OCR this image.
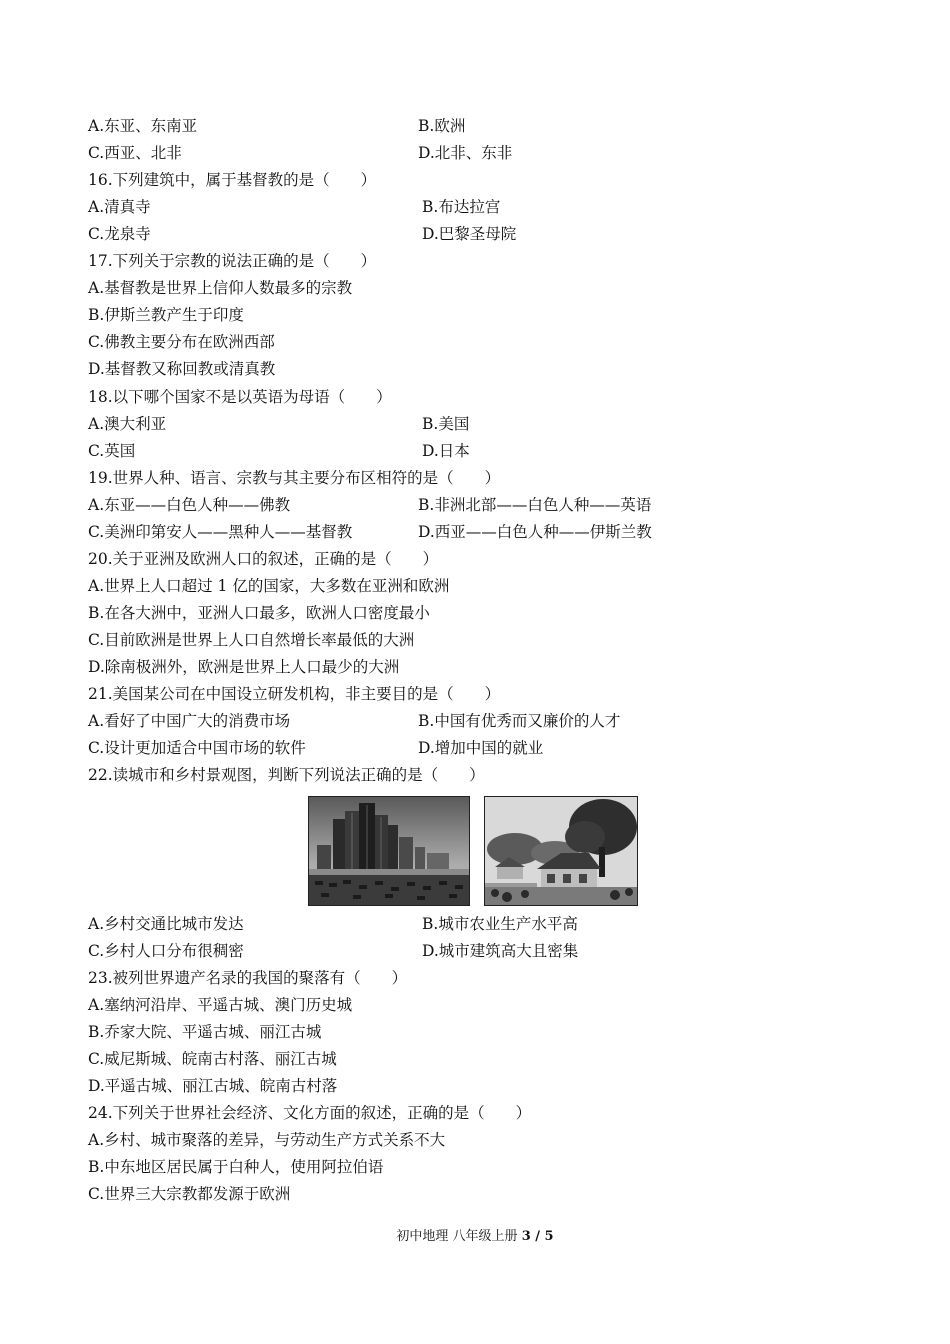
A.东亚、东南亚	B.欧洲
C.西亚、北非	D.北非、东非
16.下列建筑中，属于基督教的是（　　）
A.清真寺	B.布达拉宫
C.龙泉寺	D.巴黎圣母院
17.下列关于宗教的说法正确的是（　　）
A.基督教是世界上信仰人数最多的宗教
B.伊斯兰教产生于印度
C.佛教主要分布在欧洲西部
D.基督教又称回教或清真教
18.以下哪个国家不是以英语为母语（　　）
A.澳大利亚	B.美国
C.英国	D.日本
19.世界人种、语言、宗教与其主要分布区相符的是（　　）
A.东亚——白色人种——佛教	B.非洲北部——白色人种——英语
C.美洲印第安人——黑种人——基督教	D.西亚——白色人种——伊斯兰教
20.关于亚洲及欧洲人口的叙述，正确的是（　　）
A.世界上人口超过 1 亿的国家，大多数在亚洲和欧洲
B.在各大洲中，亚洲人口最多，欧洲人口密度最小
C.目前欧洲是世界上人口自然增长率最低的大洲
D.除南极洲外，欧洲是世界上人口最少的大洲
21.美国某公司在中国设立研发机构，非主要目的是（　　）
A.看好了中国广大的消费市场	B.中国有优秀而又廉价的人才
C.设计更加适合中国市场的软件	D.增加中国的就业
22.读城市和乡村景观图，判断下列说法正确的是（　　）
A.乡村交通比城市发达	B.城市农业生产水平高
C.乡村人口分布很稠密	D.城市建筑高大且密集
23.被列世界遗产名录的我国的聚落有（　　）
A.塞纳河沿岸、平遥古城、澳门历史城
B.乔家大院、平遥古城、丽江古城
C.威尼斯城、皖南古村落、丽江古城
D.平遥古城、丽江古城、皖南古村落
24.下列关于世界社会经济、文化方面的叙述，正确的是（　　）
A.乡村、城市聚落的差异，与劳动生产方式关系不大
B.中东地区居民属于白种人，使用阿拉伯语
C.世界三大宗教都发源于欧洲
初中地理 八年级上册 3 / 5
